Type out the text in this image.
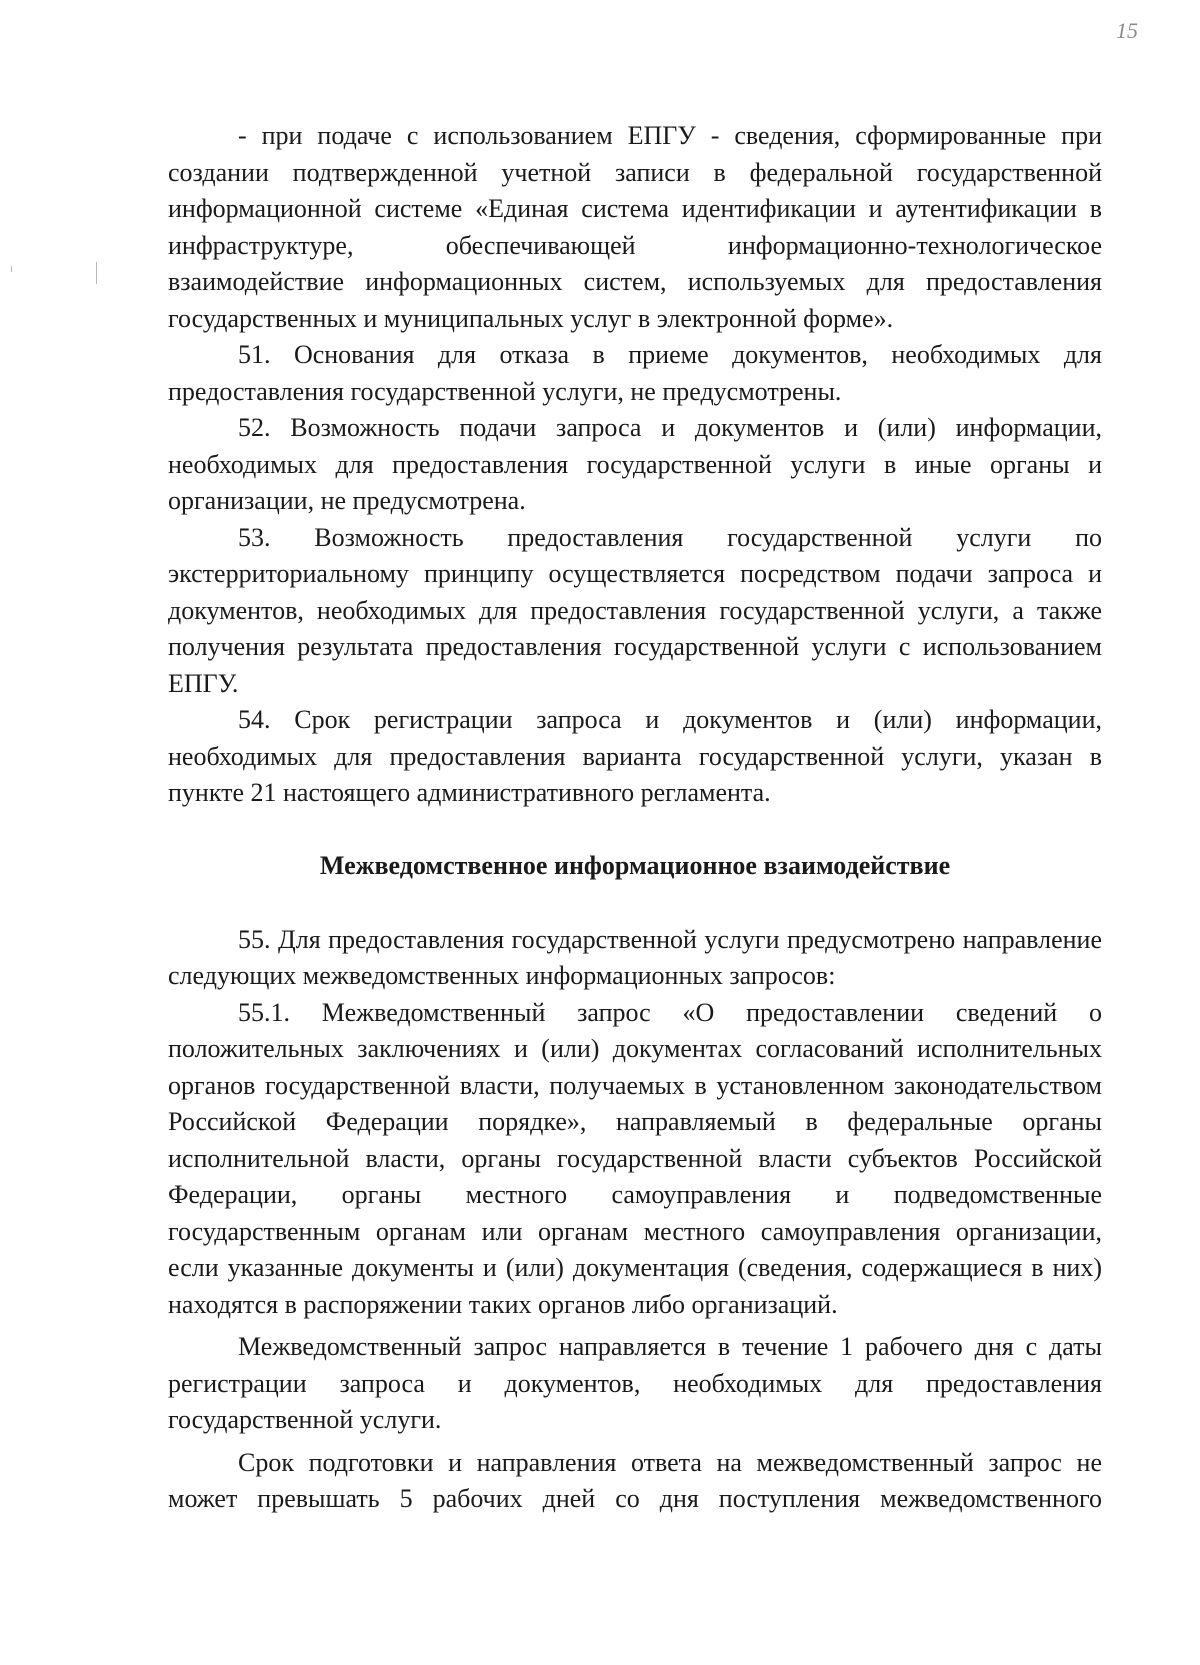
15

- при подаче с использованием ЕПГУ - сведения, сформированные при создании подтвержденной учетной записи в федеральной государственной информационной системе «Единая система идентификации и аутентификации в инфраструктуре, обеспечивающей информационно-технологическое взаимодействие информационных систем, используемых для предоставления государственных и муниципальных услуг в электронной форме».

51. Основания для отказа в приеме документов, необходимых для предоставления государственной услуги, не предусмотрены.

52. Возможность подачи запроса и документов и (или) информации, необходимых для предоставления государственной услуги в иные органы и организации, не предусмотрена.

53. Возможность предоставления государственной услуги по экстерриториальному принципу осуществляется посредством подачи запроса и документов, необходимых для предоставления государственной услуги, а также получения результата предоставления государственной услуги с использованием ЕПГУ.

54. Срок регистрации запроса и документов и (или) информации, необходимых для предоставления варианта государственной услуги, указан в пункте 21 настоящего административного регламента.

Межведомственное информационное взаимодействие

55. Для предоставления государственной услуги предусмотрено направление следующих межведомственных информационных запросов:

55.1. Межведомственный запрос «О предоставлении сведений о положительных заключениях и (или) документах согласований исполнительных органов государственной власти, получаемых в установленном законодательством Российской Федерации порядке», направляемый в федеральные органы исполнительной власти, органы государственной власти субъектов Российской Федерации, органы местного самоуправления и подведомственные государственным органам или органам местного самоуправления организации, если указанные документы и (или) документация (сведения, содержащиеся в них) находятся в распоряжении таких органов либо организаций.

Межведомственный запрос направляется в течение 1 рабочего дня с даты регистрации запроса и документов, необходимых для предоставления государственной услуги.

Срок подготовки и направления ответа на межведомственный запрос не может превышать 5 рабочих дней со дня поступления межведомственного
